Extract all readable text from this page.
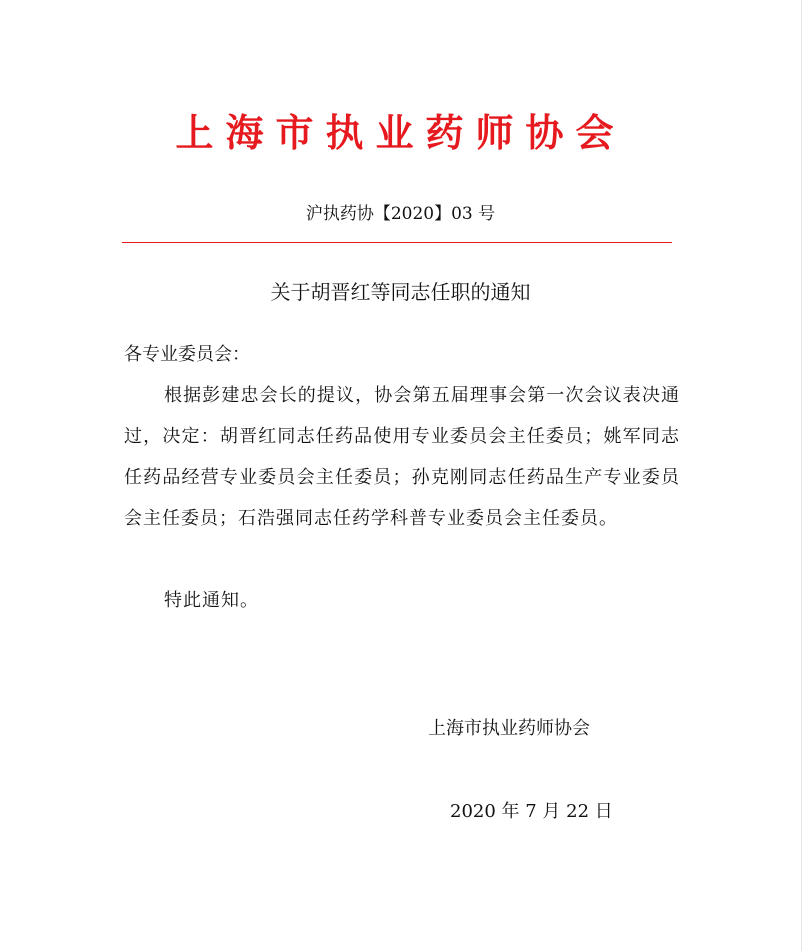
上海市执业药师协会
沪执药协【2020】03 号
关于胡晋红等同志任职的通知
各专业委员会：
根据彭建忠会长的提议，协会第五届理事会第一次会议表决通过，决定：胡晋红同志任药品使用专业委员会主任委员；姚军同志任药品经营专业委员会主任委员；孙克刚同志任药品生产专业委员会主任委员；石浩强同志任药学科普专业委员会主任委员。
特此通知。
上海市执业药师协会
2020 年 7 月 22 日
